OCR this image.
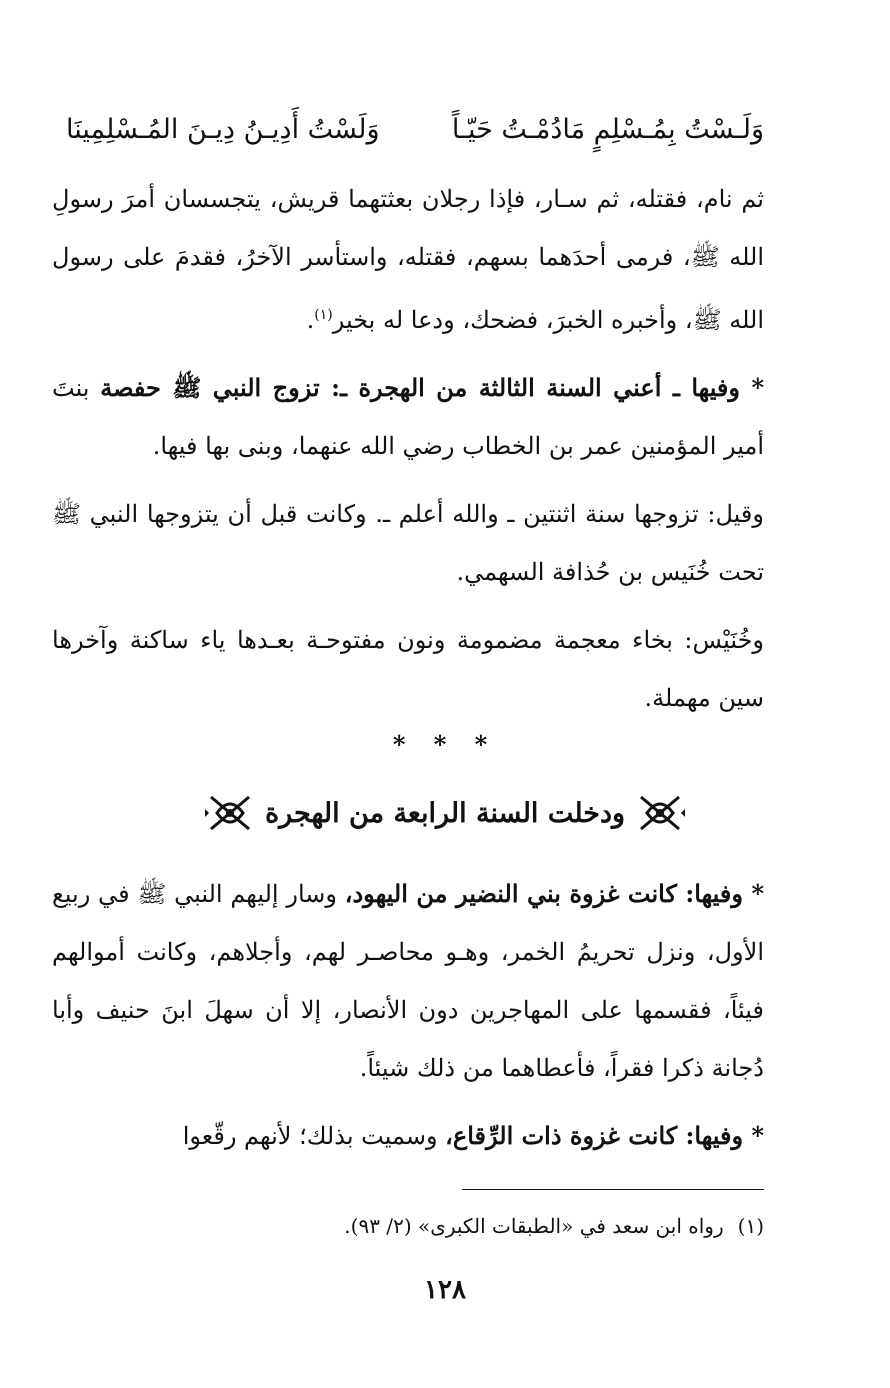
وَلَـسْتُ بِمُـسْلِمٍ مَادُمْـتُ حَيّـاً
وَلَسْتُ أَدِيـنُ دِيـنَ المُـسْلِمِينَا

ثم نام، فقتله، ثم سـار، فإذا رجلان بعثتهما قريش، يتجسسان أمرَ رسولِ الله ﷺ، فرمى أحدَهما بسهم، فقتله، واستأسر الآخرُ، فقدمَ على رسول الله ﷺ، وأخبره الخبرَ، فضحك، ودعا له بخير$^{(١)}$.

* وفيها ـ أعني السنة الثالثة من الهجرة ـ: تزوج النبي ﷺ حفصة بنتَ أمير المؤمنين عمر بن الخطاب رضي الله عنهما، وبنى بها فيها.

وقيل: تزوجها سنة اثنتين ـ والله أعلم ـ. وكانت قبل أن يتزوجها النبي ﷺ تحت خُنَيس بن حُذافة السهمي.

وخُنَيْس: بخاء معجمة مضمومة ونون مفتوحـة بعـدها ياء ساكنة وآخرها سين مهملة.

* * *
ودخلت السنة الرابعة من الهجرة

* وفيها: كانت غزوة بني النضير من اليهود، وسار إليهم النبي ﷺ في ربيع الأول، ونزل تحريمُ الخمر، وهـو محاصـر لهم، وأجلاهم، وكانت أموالهم فيئاً، فقسمها على المهاجرين دون الأنصار، إلا أن سهلَ ابنَ حنيف وأبا دُجانة ذكرا فقراً، فأعطاهما من ذلك شيئاً.

* وفيها: كانت غزوة ذات الرِّقاع، وسميت بذلك؛ لأنهم رقّعوا

(١)رواه ابن سعد في «الطبقات الكبرى» (٢/ ٩٣).
١٢٨
